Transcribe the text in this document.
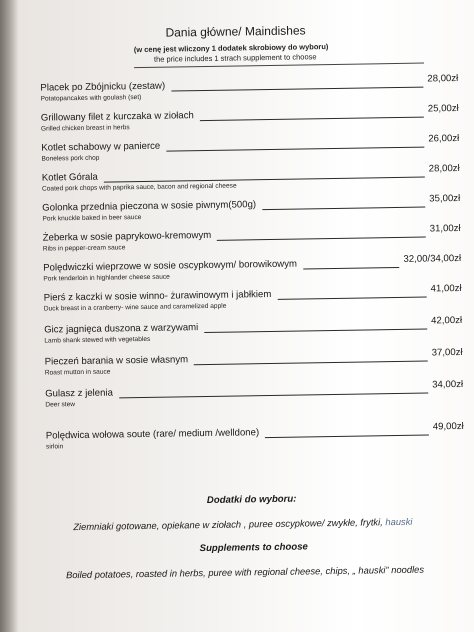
Dania główne/ Maindishes
(w cenę jest wliczony 1 dodatek skrobiowy do wyboru)
the price includes 1 strach supplement to choose
Placek po Zbójnicku (zestaw)
Potatopancakes with goulash (set)
28,00zł
Grillowany filet z kurczaka w ziołach
Grilled chicken breast in herbs
25,00zł
Kotlet schabowy w panierce
Boneless pork chop
26,00zł
Kotlet Górala
Coated pork chops with paprika sauce, bacon and regional cheese
28,00zł
Golonka przednia pieczona w sosie piwnym(500g)
Pork knuckle baked in beer sauce
35,00zł
Żeberka w sosie paprykowo-kremowym
Ribs in pepper-cream sauce
31,00zł
Polędwiczki wieprzowe w sosie oscypkowym/ borowikowym
Pork tenderloin in highlander cheese sauce
32,00/34,00zł
Pierś z kaczki w sosie winno- żurawinowym i jabłkiem
Duck breast in a cranberry- wine sauce and caramelized apple
41,00zł
Gicz jagnięca duszona z warzywami
Lamb shank stewed with vegetables
42,00zł
Pieczeń barania w sosie własnym
Roast mutton in sauce
37,00zł
Gulasz z jelenia
Deer stew
34,00zł
Polędwica wołowa soute (rare/ medium /welldone)
sirloin
49,00zł
Dodatki do wyboru:
Ziemniaki gotowane, opiekane w ziołach , puree oscypkowe/ zwykłe, frytki, hauski
Supplements to choose
Boiled potatoes, roasted in herbs, puree with regional cheese, chips, „ hauski” noodles
